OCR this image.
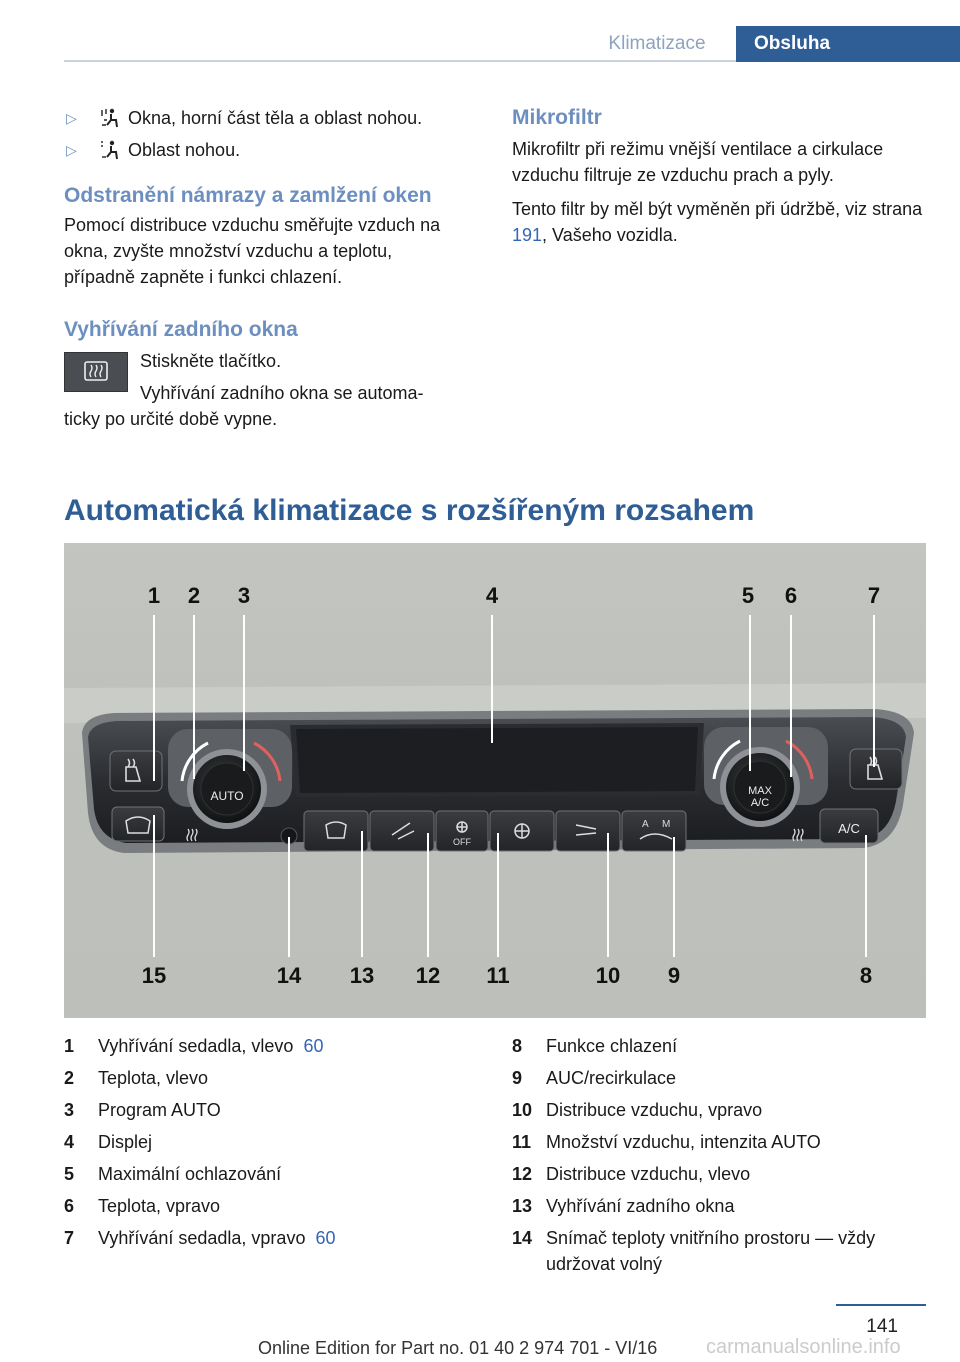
Klimatizace	Obsluha
▷	Okna, horní část těla a oblast nohou.
▷	Oblast nohou.
Odstranění námrazy a zamlžení oken
Pomocí distribuce vzduchu směřujte vzduch na okna, zvyšte množství vzduchu a teplotu, případně zapněte i funkci chlazení.
Vyhřívání zadního okna
Stiskněte tlačítko.
Vyhřívání zadního okna se automa-
ticky po určité době vypne.
Mikrofiltr
Mikrofiltr při režimu vnější ventilace a cirkulace vzduchu filtruje ze vzduchu prach a pyly.
Tento filtr by měl být vyměněn při údržbě, viz strana 191, Vašeho vozidla.
Automatická klimatizace s rozšířeným rozsahem
A/C
OFF
A M
AUTO	MAX
A/C
1 2 3	4	5 6	7
15	14 13 12 11	10 9	8
1 Vyhřívání sedadla, vlevo 60
2 Teplota, vlevo
3 Program AUTO
4 Displej
5 Maximální ochlazování
6 Teplota, vpravo
7 Vyhřívání sedadla, vpravo 60
8 Funkce chlazení
9 AUC/recirkulace
10 Distribuce vzduchu, vpravo
11 Množství vzduchu, intenzita AUTO
12 Distribuce vzduchu, vlevo
13 Vyhřívání zadního okna
14 Snímač teploty vnitřního prostoru — vždy udržovat volný
141
Online Edition for Part no. 01 40 2 974 701 - VI/16 carmanualsonline.info
